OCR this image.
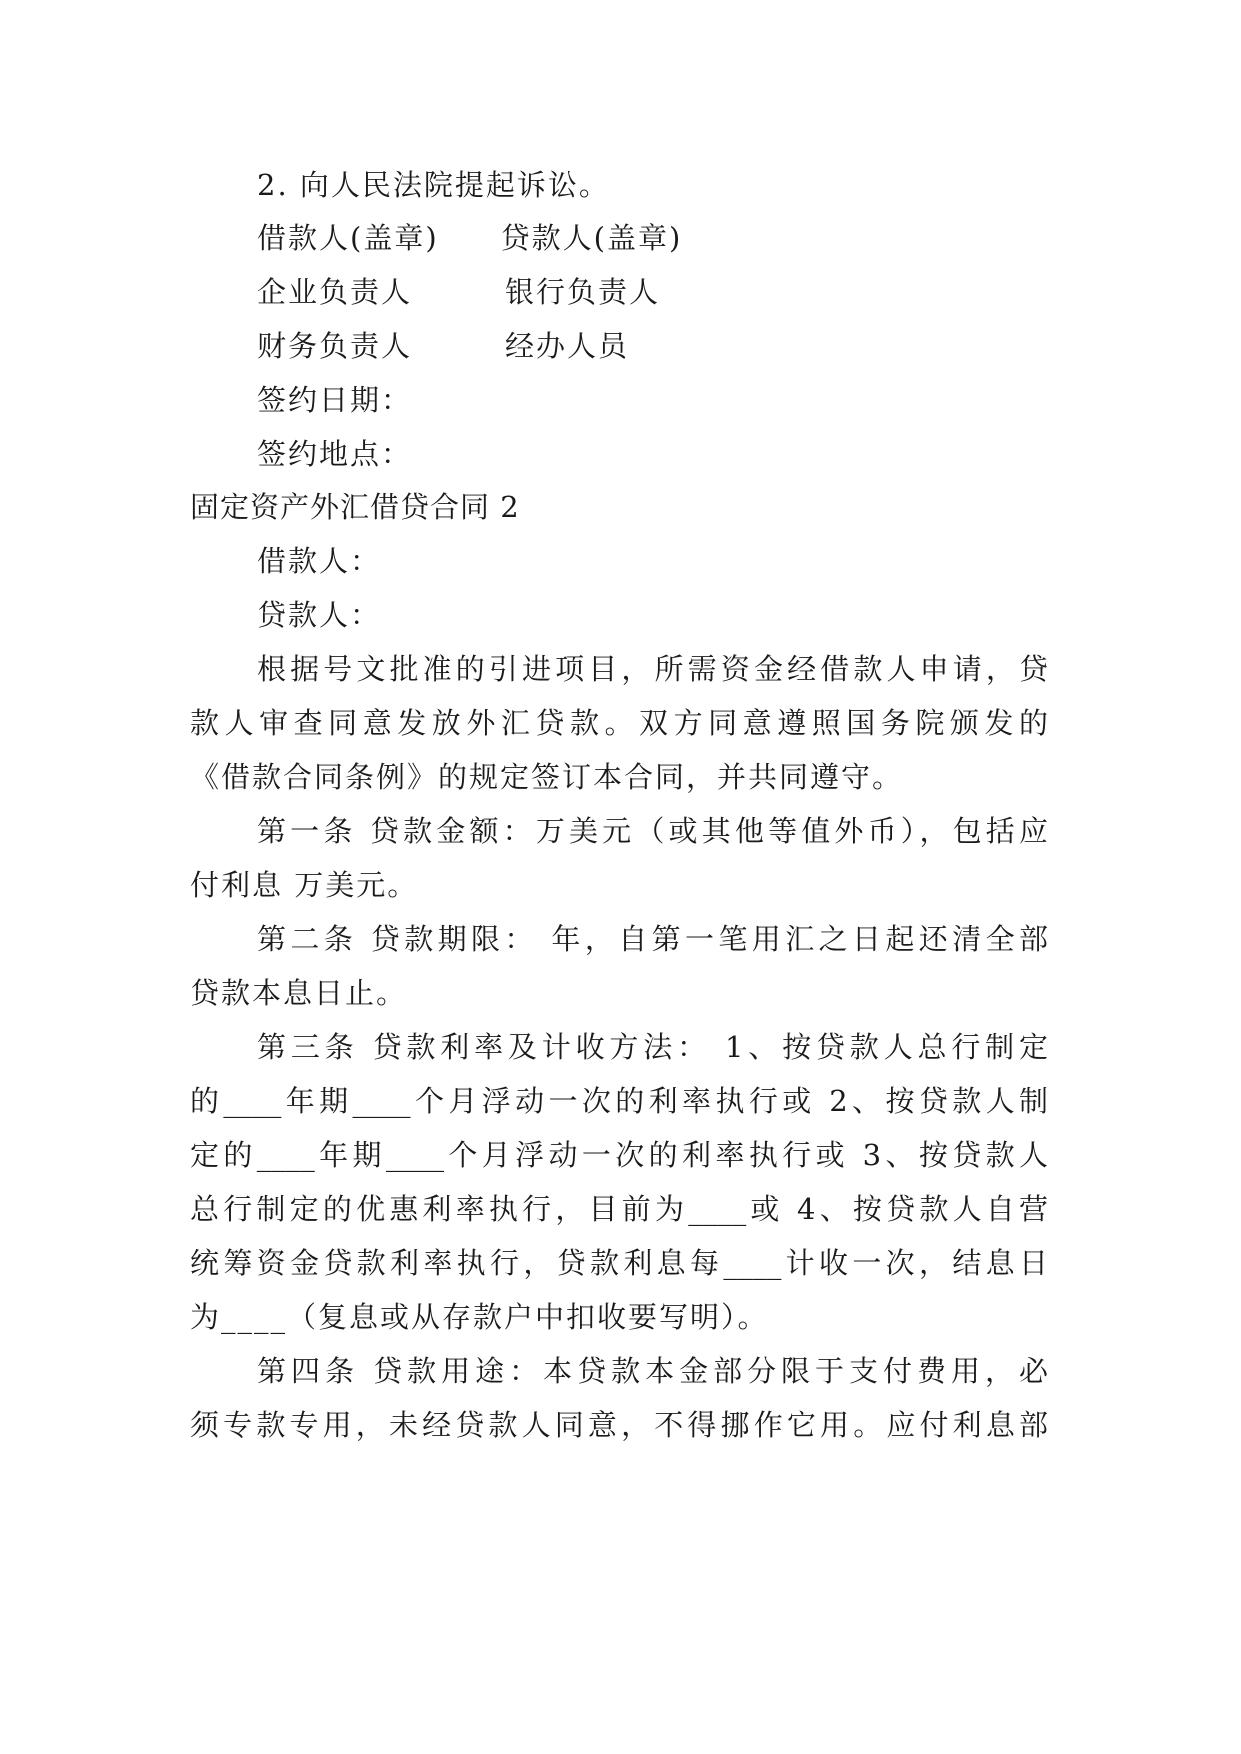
2. 向人民法院提起诉讼。
借款人(盖章)　　贷款人(盖章)
企业负责人　　　银行负责人
财务负责人　　　经办人员
签约日期：
签约地点：
固定资产外汇借贷合同 2
借款人：
贷款人：
根据号文批准的引进项目，所需资金经借款人申请，贷
款人审查同意发放外汇贷款。双方同意遵照国务院颁发的
《借款合同条例》的规定签订本合同，并共同遵守。
第一条 贷款金额：万美元（或其他等值外币），包括应
付利息 万美元。
第二条 贷款期限： 年，自第一笔用汇之日起还清全部
贷款本息日止。
第三条 贷款利率及计收方法： 1、按贷款人总行制定
的____年期____个月浮动一次的利率执行或 2、按贷款人制
定的____年期____个月浮动一次的利率执行或 3、按贷款人
总行制定的优惠利率执行，目前为____或 4、按贷款人自营
统筹资金贷款利率执行，贷款利息每____计收一次，结息日
为____（复息或从存款户中扣收要写明）。
第四条 贷款用途：本贷款本金部分限于支付费用，必
须专款专用，未经贷款人同意，不得挪作它用。应付利息部
